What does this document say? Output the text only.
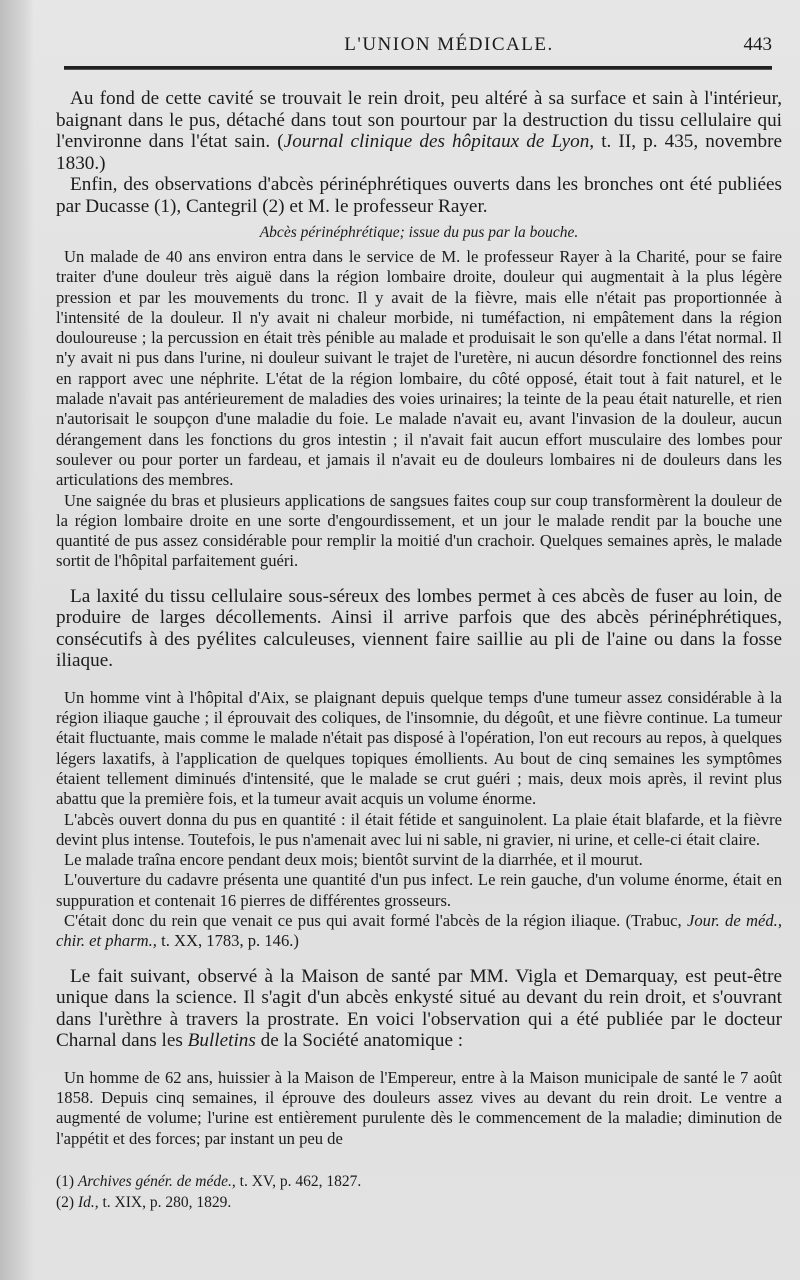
L'UNION MÉDICALE.	443

Au fond de cette cavité se trouvait le rein droit, peu altéré à sa surface et sain à l'intérieur, baignant dans le pus, détaché dans tout son pourtour par la destruction du tissu cellulaire qui l'environne dans l'état sain. (Journal clinique des hôpitaux de Lyon, t. II, p. 435, novembre 1830.)

Enfin, des observations d'abcès périnéphrétiques ouverts dans les bronches ont été publiées par Ducasse (1), Cantegril (2) et M. le professeur Rayer.

Abcès périnéphrétique; issue du pus par la bouche.

Un malade de 40 ans environ entra dans le service de M. le professeur Rayer à la Charité, pour se faire traiter d'une douleur très aiguë dans la région lombaire droite, douleur qui augmentait à la plus légère pression et par les mouvements du tronc. Il y avait de la fièvre, mais elle n'était pas proportionnée à l'intensité de la douleur. Il n'y avait ni chaleur morbide, ni tuméfaction, ni empâtement dans la région douloureuse ; la percussion en était très pénible au malade et produisait le son qu'elle a dans l'état normal. Il n'y avait ni pus dans l'urine, ni douleur suivant le trajet de l'uretère, ni aucun désordre fonctionnel des reins en rapport avec une néphrite. L'état de la région lombaire, du côté opposé, était tout à fait naturel, et le malade n'avait pas antérieurement de maladies des voies urinaires; la teinte de la peau était naturelle, et rien n'autorisait le soupçon d'une maladie du foie. Le malade n'avait eu, avant l'invasion de la douleur, aucun dérangement dans les fonctions du gros intestin ; il n'avait fait aucun effort musculaire des lombes pour soulever ou pour porter un fardeau, et jamais il n'avait eu de douleurs lombaires ni de douleurs dans les articulations des membres.

Une saignée du bras et plusieurs applications de sangsues faites coup sur coup transformèrent la douleur de la région lombaire droite en une sorte d'engourdissement, et un jour le malade rendit par la bouche une quantité de pus assez considérable pour remplir la moitié d'un crachoir. Quelques semaines après, le malade sortit de l'hôpital parfaitement guéri.

La laxité du tissu cellulaire sous-séreux des lombes permet à ces abcès de fuser au loin, de produire de larges décollements. Ainsi il arrive parfois que des abcès périnéphrétiques, consécutifs à des pyélites calculeuses, viennent faire saillie au pli de l'aine ou dans la fosse iliaque.

Un homme vint à l'hôpital d'Aix, se plaignant depuis quelque temps d'une tumeur assez considérable à la région iliaque gauche ; il éprouvait des coliques, de l'insomnie, du dégoût, et une fièvre continue. La tumeur était fluctuante, mais comme le malade n'était pas disposé à l'opération, l'on eut recours au repos, à quelques légers laxatifs, à l'application de quelques topiques émollients. Au bout de cinq semaines les symptômes étaient tellement diminués d'intensité, que le malade se crut guéri ; mais, deux mois après, il revint plus abattu que la première fois, et la tumeur avait acquis un volume énorme.

L'abcès ouvert donna du pus en quantité : il était fétide et sanguinolent. La plaie était blafarde, et la fièvre devint plus intense. Toutefois, le pus n'amenait avec lui ni sable, ni gravier, ni urine, et celle-ci était claire.

Le malade traîna encore pendant deux mois; bientôt survint de la diarrhée, et il mourut.

L'ouverture du cadavre présenta une quantité d'un pus infect. Le rein gauche, d'un volume énorme, était en suppuration et contenait 16 pierres de différentes grosseurs.

C'était donc du rein que venait ce pus qui avait formé l'abcès de la région iliaque. (Trabuc, Jour. de méd., chir. et pharm., t. XX, 1783, p. 146.)

Le fait suivant, observé à la Maison de santé par MM. Vigla et Demarquay, est peut-être unique dans la science. Il s'agit d'un abcès enkysté situé au devant du rein droit, et s'ouvrant dans l'urèthre à travers la prostrate. En voici l'observation qui a été publiée par le docteur Charnal dans les Bulletins de la Société anatomique :

Un homme de 62 ans, huissier à la Maison de l'Empereur, entre à la Maison municipale de santé le 7 août 1858. Depuis cinq semaines, il éprouve des douleurs assez vives au devant du rein droit. Le ventre a augmenté de volume; l'urine est entièrement purulente dès le commencement de la maladie; diminution de l'appétit et des forces; par instant un peu de

(1) Archives génér. de méde., t. XV, p. 462, 1827.

(2) Id., t. XIX, p. 280, 1829.
